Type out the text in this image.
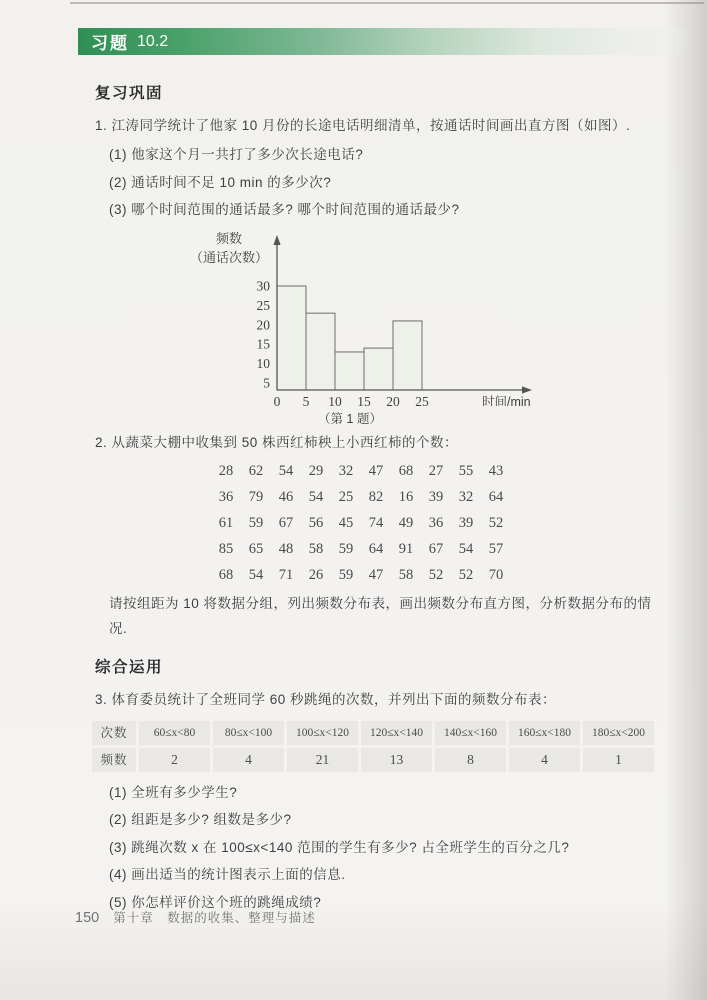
习题 10.2
复习巩固

1. 江涛同学统计了他家 10 月份的长途电话明细清单，按通话时间画出直方图（如图）.

(1) 他家这个月一共打了多少次长途电话?
(2) 通话时间不足 10 min 的多少次?
(3) 哪个时间范围的通话最多? 哪个时间范围的通话最少?
频数
（通话次数）
5
10
15
20
25
30
0 5 10 15 20 25	时间/min
（第 1 题）

2. 从蔬菜大棚中收集到 50 株西红柿秧上小西红柿的个数：

28	62	54	29	32	47	68	27	55	43
36	79	46	54	25	82	16	39	32	64
61	59	67	56	45	74	49	36	39	52
85	65	48	58	59	64	91	67	54	57
68	54	71	26	59	47	58	52	52	70

请按组距为 10 将数据分组，列出频数分布表，画出频数分布直方图，分析数据分布的情况.

综合运用

3. 体育委员统计了全班同学 60 秒跳绳的次数，并列出下面的频数分布表：

次数	60≤x<80	80≤x<100	100≤x<120	120≤x<140	140≤x<160	160≤x<180	180≤x<200
频数	2	4	21	13	8	4	1
(1) 全班有多少学生?
(2) 组距是多少? 组数是多少?
(3) 跳绳次数 x 在 100≤x<140 范围的学生有多少? 占全班学生的百分之几?
(4) 画出适当的统计图表示上面的信息.
(5) 你怎样评价这个班的跳绳成绩?
150 第十章　数据的收集、整理与描述
